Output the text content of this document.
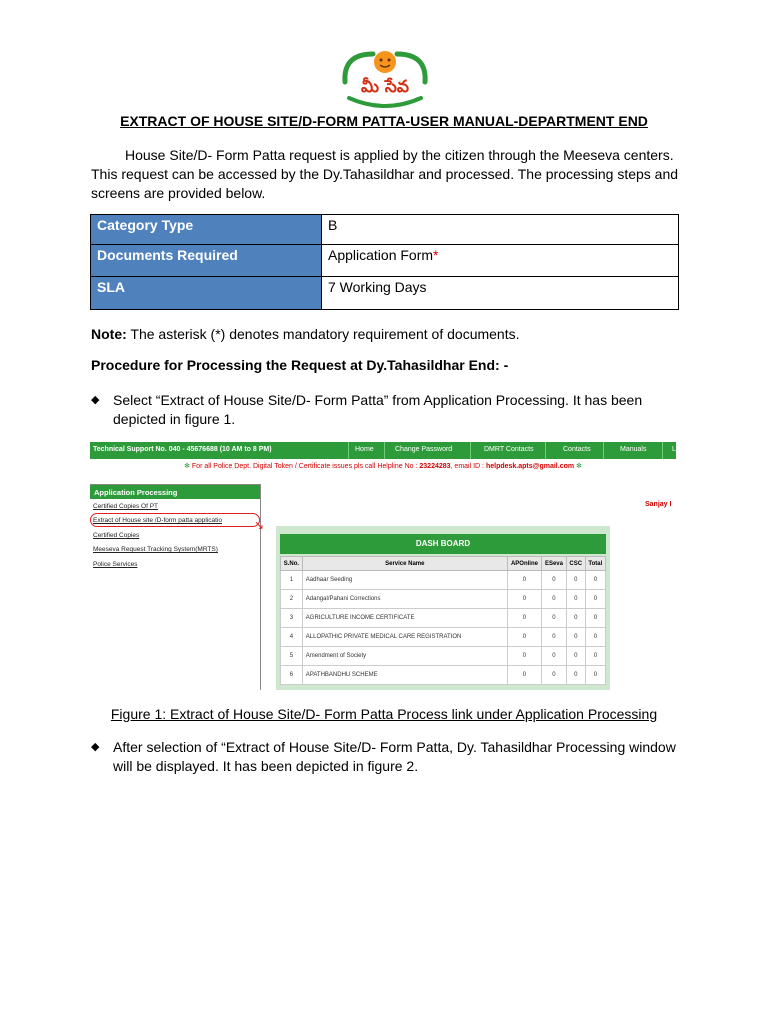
మీ సేవ
EXTRACT OF HOUSE SITE/D-FORM PATTA-USER MANUAL-DEPARTMENT END
House Site/D- Form Patta request is applied by the citizen through the Meeseva centers. This request can be accessed by the Dy.Tahasildhar and processed. The processing steps and screens are provided below.
Category Type	B
Documents Required	Application Form*
SLA	7 Working Days
Note: The asterisk (*) denotes mandatory requirement of documents.
Procedure for Processing the Request at Dy.Tahasildhar End: -
◆ Select “Extract of House Site/D- Form Patta” from Application Processing. It has been depicted in figure 1.
Technical Support No. 040 - 45676688 (10 AM to 8 PM)	Home	Change Password	DMRT Contacts	Contacts	Manuals	L
✻ For all Police Dept. Digital Token / Certificate issues pls call Helpline No : 23224283, email ID : helpdesk.apts@gmail.com ✻
Application Processing
Certified Copies Of PT
Extract of House site /D-form patta applicatio
Certified Copies
Meeseva Request Tracking System(MRTS)
Police Services
↘
Sanjay I
DASH BOARD
S.No.	Service Name	APOnline	ESeva	CSC	Total
1	Aadhaar Seeding	0	0	0	0
2	Adangal/Pahani Corrections	0	0	0	0
3	AGRICULTURE INCOME CERTIFICATE	0	0	0	0
4	ALLOPATHIC PRIVATE MEDICAL CARE REGISTRATION	0	0	0	0
5	Amendment of Society	0	0	0	0
6	APATHBANDHU SCHEME	0	0	0	0
Figure 1: Extract of House Site/D- Form Patta Process link under Application Processing
◆ After selection of “Extract of House Site/D- Form Patta, Dy. Tahasildhar Processing window will be displayed. It has been depicted in figure 2.
